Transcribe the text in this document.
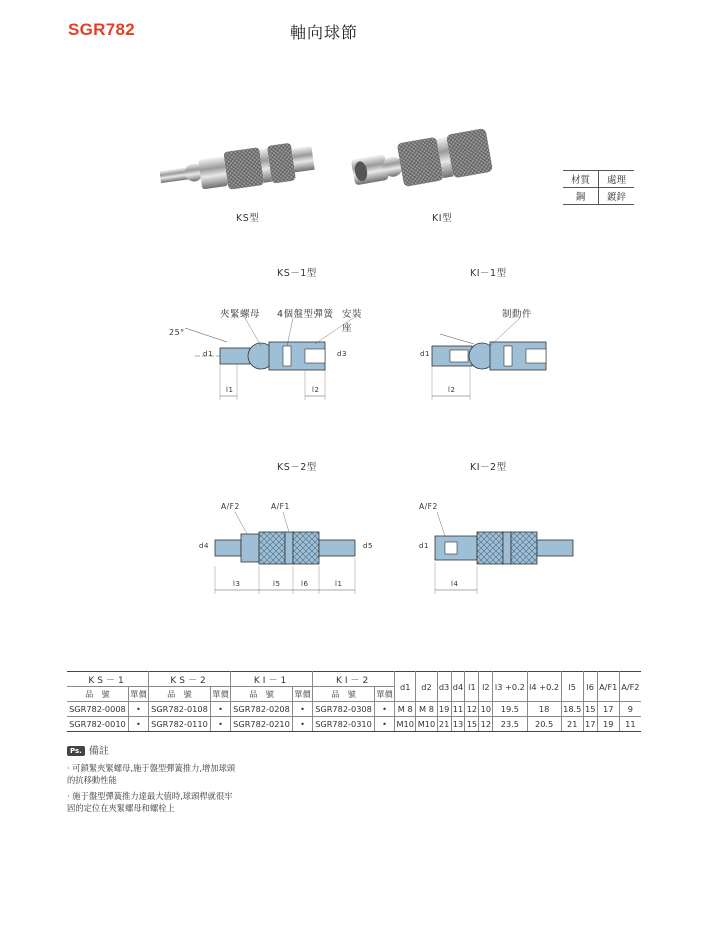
SGR782	軸向球節
KS型	KI型
材質	處理
鋼	鍍鋅
KS－1型	KI－1型
KS－2型	KI－2型
夾緊螺母 4個盤型彈簧 安裝座
25°
d1	d3
l1	l2
制動件
d1
l2
A/F2	A/F1
d4	d5
l3	l5	l6	l1
A/F2
d1
l4
KS－1		KS－2		KI－1		KI－2		d1	d2	d3	d4	l1	l2	l3 +0.2	l4 +0.2	l5	l6	A/F1	A/F2
品　號	單價	品　號	單價	品　號	單價	品　號	單價												
SGR782-0008	•	SGR782-0108	•	SGR782-0208	•	SGR782-0308	•	M 8	M 8	19	11	12	10	19.5	18	18.5	15	17	9
SGR782-0010	•	SGR782-0110	•	SGR782-0210	•	SGR782-0310	•	M10	M10	21	13	15	12	23.5	20.5	21	17	19	11
Ps. 備註
· 可鎖緊夾緊螺母,施于盤型彈簧推力,增加球頭的抗移動性能
· 施于盤型彈簧推力達最大值時,球頭桿就很牢固的定位在夾緊螺母和螺栓上
